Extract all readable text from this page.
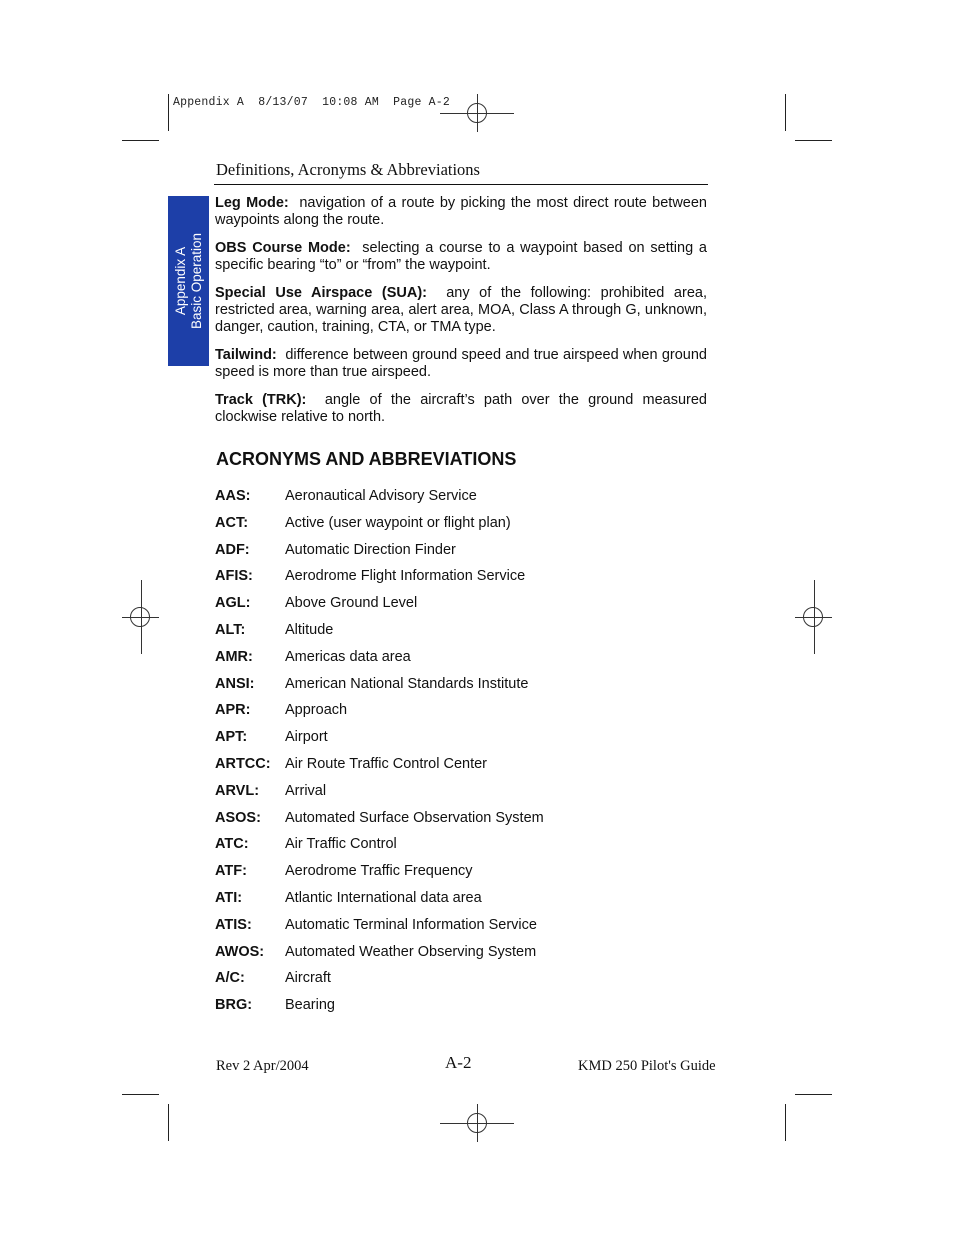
Appendix A  8/13/07  10:08 AM  Page A-2
Definitions, Acronyms & Abbreviations
Appendix A Basic Operation

Leg Mode: navigation of a route by picking the most direct route between waypoints along the route.

OBS Course Mode: selecting a course to a waypoint based on setting a specific bearing “to” or “from” the waypoint.

Special Use Airspace (SUA): any of the following: prohibited area, restricted area, warning area, alert area, MOA, Class A through G, unknown, danger, caution, training, CTA, or TMA type.

Tailwind: difference between ground speed and true airspeed when ground speed is more than true airspeed.

Track (TRK): angle of the aircraft’s path over the ground measured clockwise relative to north.

ACRONYMS AND ABBREVIATIONS
AAS: Aeronautical Advisory Service
ACT:	Active (user waypoint or flight plan)
ADF: Automatic Direction Finder
AFIS: Aerodrome Flight Information Service
AGL: Above Ground Level
ALT:	Altitude
AMR: Americas data area
ANSI: American National Standards Institute
APR: Approach
APT:	Airport
ARTCC: Air Route Traffic Control Center
ARVL: Arrival
ASOS: Automated Surface Observation System
ATC:	Air Traffic Control
ATF:	Aerodrome Traffic Frequency
ATI:	Atlantic International data area
ATIS: Automatic Terminal Information Service
AWOS: Automated Weather Observing System
A/C:	Aircraft
BRG: Bearing
Rev 2 Apr/2004	A-2	KMD 250 Pilot's Guide
